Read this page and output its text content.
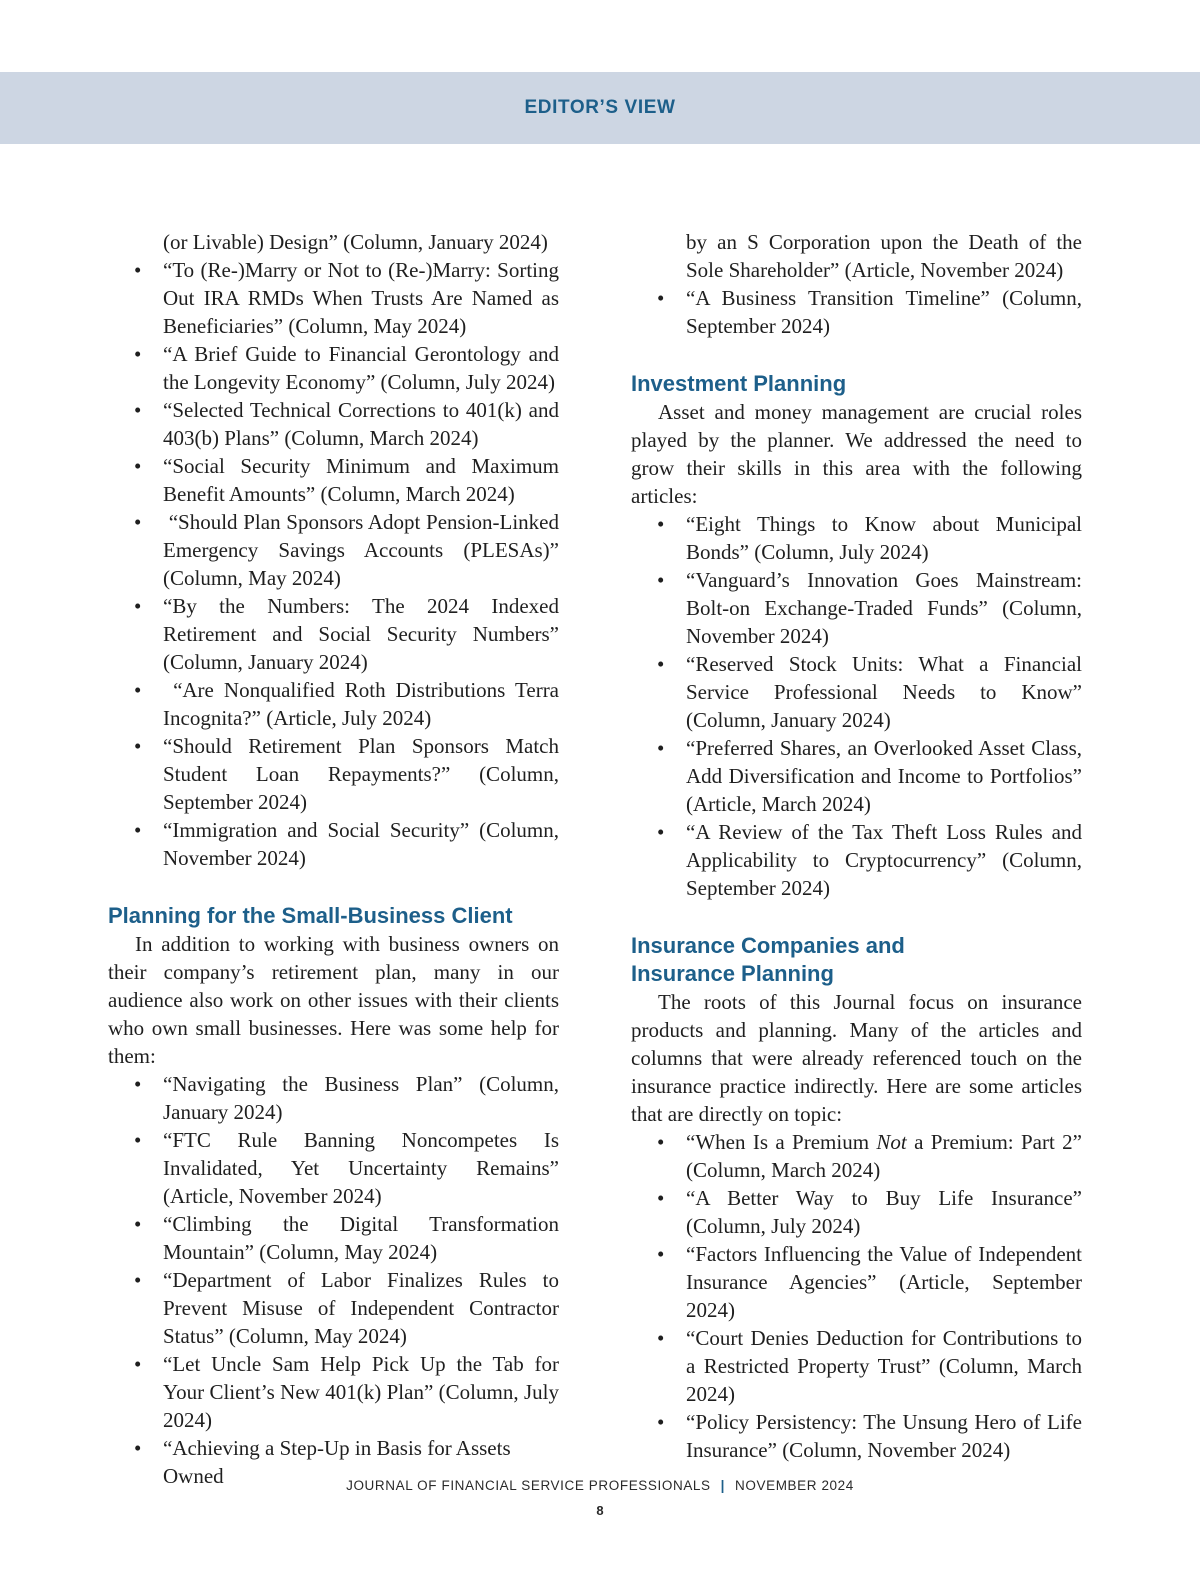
EDITOR’S VIEW
(or Livable) Design” (Column, January 2024)
• “To (Re-)Marry or Not to (Re-)Marry: Sorting Out IRA RMDs When Trusts Are Named as Beneficiaries” (Column, May 2024)
• “A Brief Guide to Financial Gerontology and the Longevity Economy” (Column, July 2024)
• “Selected Technical Corrections to 401(k) and 403(b) Plans” (Column, March 2024)
• “Social Security Minimum and Maximum Benefit Amounts” (Column, March 2024)
•  “Should Plan Sponsors Adopt Pension-Linked Emergency Savings Accounts (PLESAs)” (Column, May 2024)
• “By the Numbers: The 2024 Indexed Retirement and Social Security Numbers” (Column, January 2024)
•  “Are Nonqualified Roth Distributions Terra Incognita?” (Article, July 2024)
• “Should Retirement Plan Sponsors Match Student Loan Repayments?” (Column, September 2024)
• “Immigration and Social Security” (Column, November 2024)
Planning for the Small-Business Client

In addition to working with business owners on their company’s retirement plan, many in our audience also work on other issues with their clients who own small businesses. Here was some help for them:

• “Navigating the Business Plan” (Column, January 2024)
• “FTC Rule Banning Noncompetes Is Invalidated, Yet Uncertainty Remains” (Article, November 2024)
• “Climbing the Digital Transformation Mountain” (Column, May 2024)
• “Department of Labor Finalizes Rules to Prevent Misuse of Independent Contractor Status” (Column, May 2024)
• “Let Uncle Sam Help Pick Up the Tab for Your Client’s New 401(k) Plan” (Column, July 2024)
• “Achieving a Step-Up in Basis for Assets Owned
by an S Corporation upon the Death of the Sole Shareholder” (Article, November 2024)
• “A Business Transition Timeline” (Column, September 2024)
Investment Planning

Asset and money management are crucial roles played by the planner. We addressed the need to grow their skills in this area with the following articles:

• “Eight Things to Know about Municipal Bonds” (Column, July 2024)
• “Vanguard’s Innovation Goes Mainstream: Bolt-on Exchange-Traded Funds” (Column, November 2024)
• “Reserved Stock Units: What a Financial Service Professional Needs to Know” (Column, January 2024)
• “Preferred Shares, an Overlooked Asset Class, Add Diversification and Income to Portfolios” (Article, March 2024)
• “A Review of the Tax Theft Loss Rules and Applicability to Cryptocurrency” (Column, September 2024)
Insurance Companies and
Insurance Planning

The roots of this Journal focus on insurance products and planning. Many of the articles and columns that were already referenced touch on the insurance practice indirectly. Here are some articles that are directly on topic:

• “When Is a Premium Not a Premium: Part 2” (Column, March 2024)
• “A Better Way to Buy Life Insurance” (Column, July 2024)
• “Factors Influencing the Value of Independent Insurance Agencies” (Article, September 2024)
• “Court Denies Deduction for Contributions to a Restricted Property Trust” (Column, March 2024)
• “Policy Persistency: The Unsung Hero of Life Insurance” (Column, November 2024)
JOURNAL OF FINANCIAL SERVICE PROFESSIONALS | NOVEMBER 2024
8
